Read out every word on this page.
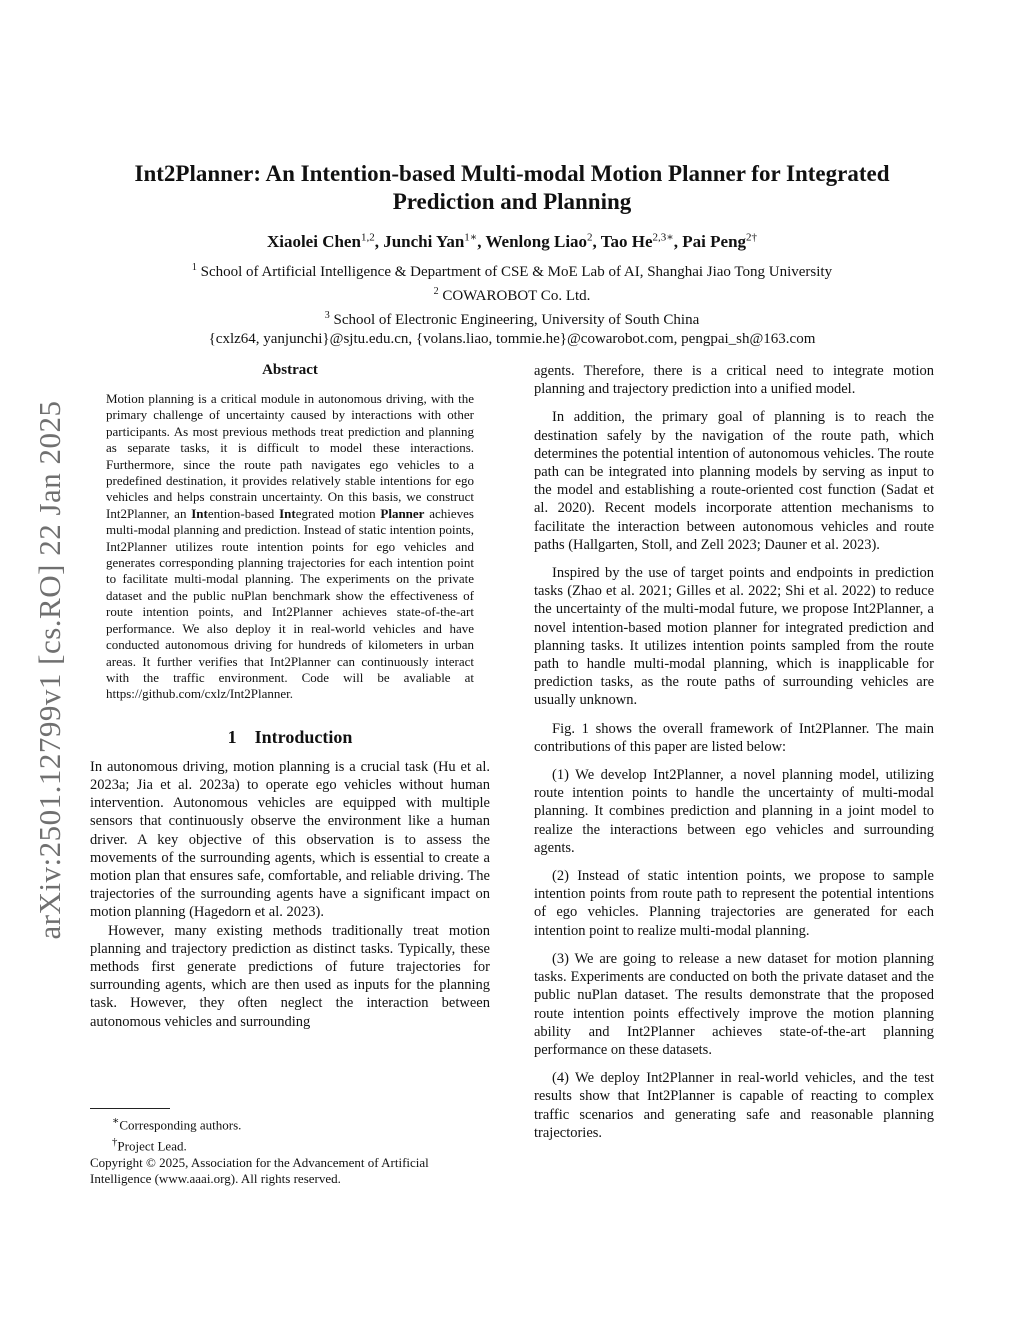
arXiv:2501.12799v1 [cs.RO] 22 Jan 2025
Int2Planner: An Intention-based Multi-modal Motion Planner for Integrated
Prediction and Planning
Xiaolei Chen$^{1,2}$, Junchi Yan$^{1∗}$, Wenlong Liao$^2$, Tao $He^{2,3∗}$, Pai Peng$^{2\dagger}$
$^1$ School of Artificial Intelligence & Department of CSE & MoE Lab of AI, Shanghai Jiao Tong University
$^2$ COWAROBOT Co. Ltd.
$^3$ School of Electronic Engineering, University of South China
{cxlz64, yanjunchi}@sjtu.edu.cn, {volans.liao, tommie.he}@cowarobot.com, pengpai_sh@163.com
Abstract

Motion planning is a critical module in autonomous driving, with the primary challenge of uncertainty caused by interactions with other participants. As most previous methods treat prediction and planning as separate tasks, it is difficult to model these interactions. Furthermore, since the route path navigates ego vehicles to a predefined destination, it provides relatively stable intentions for ego vehicles and helps constrain uncertainty. On this basis, we construct Int2Planner, an Intention-based Integrated motion Planner achieves multi-modal planning and prediction. Instead of static intention points, Int2Planner utilizes route intention points for ego vehicles and generates corresponding planning trajectories for each intention point to facilitate multi-modal planning. The experiments on the private dataset and the public nuPlan benchmark show the effectiveness of route intention points, and Int2Planner achieves state-of-the-art performance. We also deploy it in real-world vehicles and have conducted autonomous driving for hundreds of kilometers in urban areas. It further verifies that Int2Planner can continuously interact with the traffic environment. Code will be avaliable at https://github.com/cxlz/Int2Planner.

1 Introduction

In autonomous driving, motion planning is a crucial task (Hu et al. 2023a; Jia et al. 2023a) to operate ego vehicles without human intervention. Autonomous vehicles are equipped with multiple sensors that continuously observe the environment like a human driver. A key objective of this observation is to assess the movements of the surrounding agents, which is essential to create a motion plan that ensures safe, comfortable, and reliable driving. The trajectories of the surrounding agents have a significant impact on motion planning (Hagedorn et al. 2023).

However, many existing methods traditionally treat motion planning and trajectory prediction as distinct tasks. Typically, these methods first generate predictions of future trajectories for surrounding agents, which are then used as inputs for the planning task. However, they often neglect the interaction between autonomous vehicles and surrounding

agents. Therefore, there is a critical need to integrate motion planning and trajectory prediction into a unified model.

In addition, the primary goal of planning is to reach the destination safely by the navigation of the route path, which determines the potential intention of autonomous vehicles. The route path can be integrated into planning models by serving as input to the model and establishing a route-oriented cost function (Sadat et al. 2020). Recent models incorporate attention mechanisms to facilitate the interaction between autonomous vehicles and route paths (Hallgarten, Stoll, and Zell 2023; Dauner et al. 2023).

Inspired by the use of target points and endpoints in prediction tasks (Zhao et al. 2021; Gilles et al. 2022; Shi et al. 2022) to reduce the uncertainty of the multi-modal future, we propose Int2Planner, a novel intention-based motion planner for integrated prediction and planning tasks. It utilizes intention points sampled from the route path to handle multi-modal planning, which is inapplicable for prediction tasks, as the route paths of surrounding vehicles are usually unknown.

Fig. 1 shows the overall framework of Int2Planner. The main contributions of this paper are listed below:

(1) We develop Int2Planner, a novel planning model, utilizing route intention points to handle the uncertainty of multi-modal planning. It combines prediction and planning in a joint model to realize the interactions between ego vehicles and surrounding agents.

(2) Instead of static intention points, we propose to sample intention points from route path to represent the potential intentions of ego vehicles. Planning trajectories are generated for each intention point to realize multi-modal planning.

(3) We are going to release a new dataset for motion planning tasks. Experiments are conducted on both the private dataset and the public nuPlan dataset. The results demonstrate that the proposed route intention points effectively improve the motion planning ability and Int2Planner achieves state-of-the-art planning performance on these datasets.

(4) We deploy Int2Planner in real-world vehicles, and the test results show that Int2Planner is capable of reacting to complex traffic scenarios and generating safe and reasonable planning trajectories.

∗Corresponding authors.
†Project Lead.
Copyright © 2025, Association for the Advancement of Artificial Intelligence (www.aaai.org). All rights reserved.
